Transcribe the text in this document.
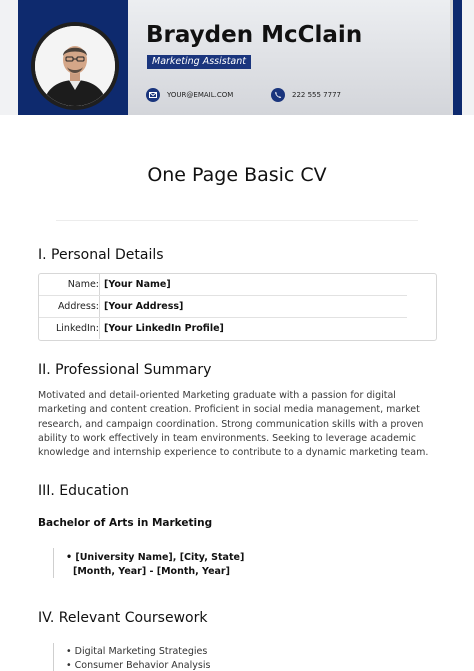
Brayden McClain
Marketing Assistant
YOUR@EMAIL.COM	222 555 7777
One Page Basic CV
I. Personal Details
Name: [Your Name]
Address: [Your Address]
LinkedIn: [Your LinkedIn Profile]
II. Professional Summary
Motivated and detail-oriented Marketing graduate with a passion for digital marketing and content creation. Proficient in social media management, market research, and campaign coordination. Strong communication skills with a proven ability to work effectively in team environments. Seeking to leverage academic knowledge and internship experience to contribute to a dynamic marketing team.
III. Education
Bachelor of Arts in Marketing
• [University Name], [City, State]
[Month, Year] - [Month, Year]
IV. Relevant Coursework
• Digital Marketing Strategies
• Consumer Behavior Analysis
